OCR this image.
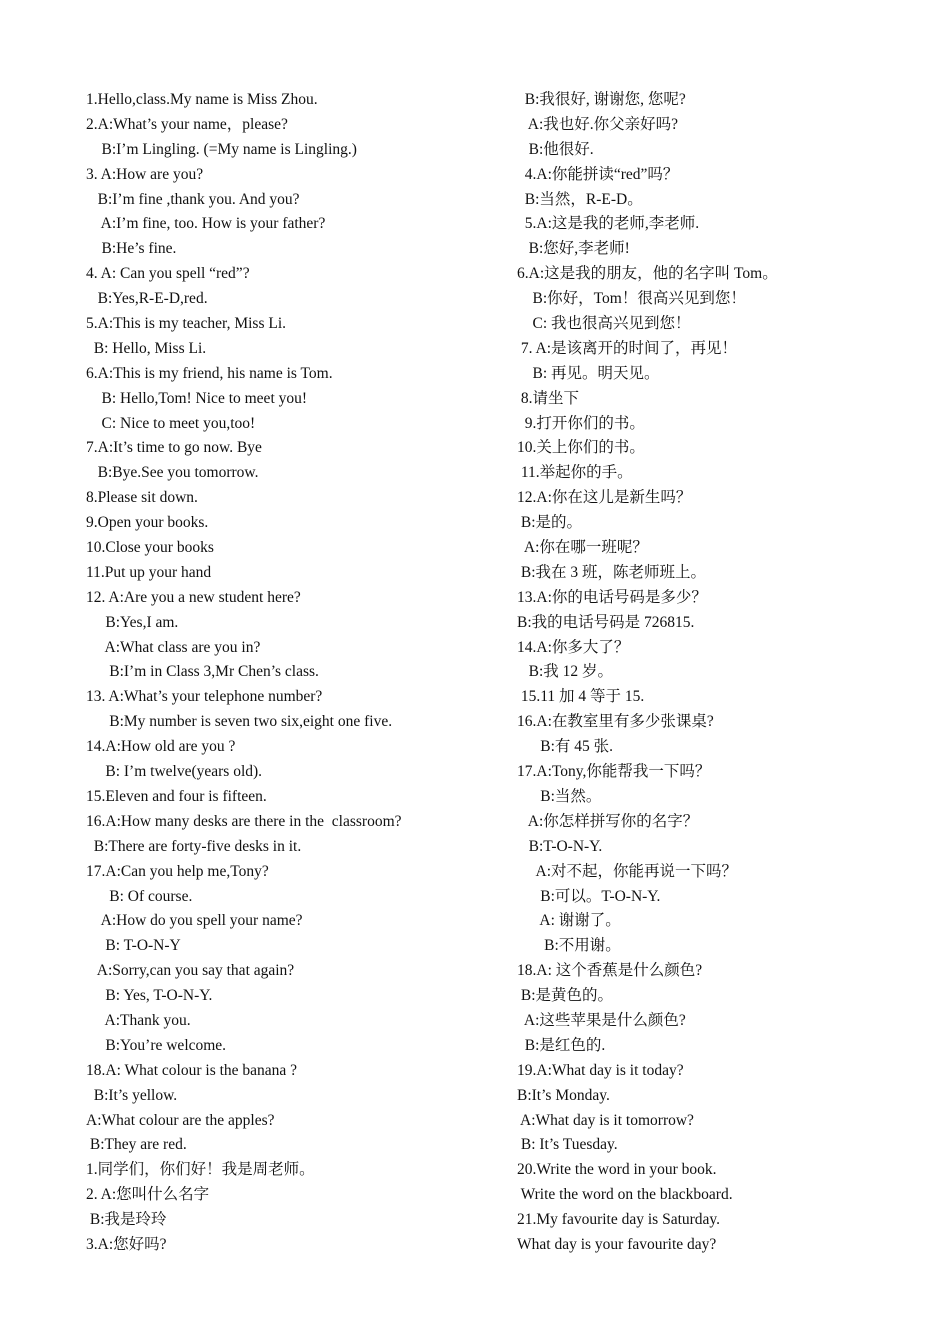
1.Hello,class.My name is Miss Zhou.
2.A:What’s your name，please?
B:I’m Lingling. (=My name is Lingling.)
3. A:How are you?
B:I’m fine ,thank you. And you?
A:I’m fine, too. How is your father?
B:He’s fine.
4. A: Can you spell “red”?
B:Yes,R-E-D,red.
5.A:This is my teacher, Miss Li.
B: Hello, Miss Li.
6.A:This is my friend, his name is Tom.
B: Hello,Tom! Nice to meet you!
C: Nice to meet you,too!
7.A:It’s time to go now. Bye
B:Bye.See you tomorrow.
8.Please sit down.
9.Open your books.
10.Close your books
11.Put up your hand
12. A:Are you a new student here?
B:Yes,I am.
A:What class are you in?
B:I’m in Class 3,Mr Chen’s class.
13. A:What’s your telephone number?
B:My number is seven two six,eight one five.
14.A:How old are you ?
B: I’m twelve(years old).
15.Eleven and four is fifteen.
16.A:How many desks are there in the  classroom?
B:There are forty-five desks in it.
17.A:Can you help me,Tony?
B: Of course.
A:How do you spell your name?
B: T-O-N-Y
A:Sorry,can you say that again?
B: Yes, T-O-N-Y.
A:Thank you.
B:You’re welcome.
18.A: What colour is the banana ?
B:It’s yellow.
A:What colour are the apples?
B:They are red.
1.同学们，你们好！我是周老师。
2. A:您叫什么名字
B:我是玲玲
3.A:您好吗?
B:我很好, 谢谢您, 您呢?
A:我也好.你父亲好吗?
B:他很好.
4.A:你能拼读“red”吗？
B:当然，R-E-D。
5.A:这是我的老师,李老师.
B:您好,李老师!
6.A:这是我的朋友，他的名字叫 Tom。
B:你好，Tom！很高兴见到您！
C: 我也很高兴见到您！
7. A:是该离开的时间了，再见！
B: 再见。明天见。
8.请坐下
9.打开你们的书。
10.关上你们的书。
11.举起你的手。
12.A:你在这儿是新生吗？
B:是的。
A:你在哪一班呢？
B:我在 3 班，陈老师班上。
13.A:你的电话号码是多少？
B:我的电话号码是 726815.
14.A:你多大了？
B:我 12 岁。
15.11 加 4 等于 15.
16.A:在教室里有多少张课桌?
B:有 45 张.
17.A:Tony,你能帮我一下吗？
B:当然。
A:你怎样拼写你的名字？
B:T-O-N-Y.
A:对不起，你能再说一下吗？
B:可以。T-O-N-Y.
A: 谢谢了。
B:不用谢。
18.A: 这个香蕉是什么颜色?
B:是黄色的。
A:这些苹果是什么颜色?
B:是红色的.
19.A:What day is it today?
B:It’s Monday.
A:What day is it tomorrow?
B: It’s Tuesday.
20.Write the word in your book.
Write the word on the blackboard.
21.My favourite day is Saturday.
What day is your favourite day?
